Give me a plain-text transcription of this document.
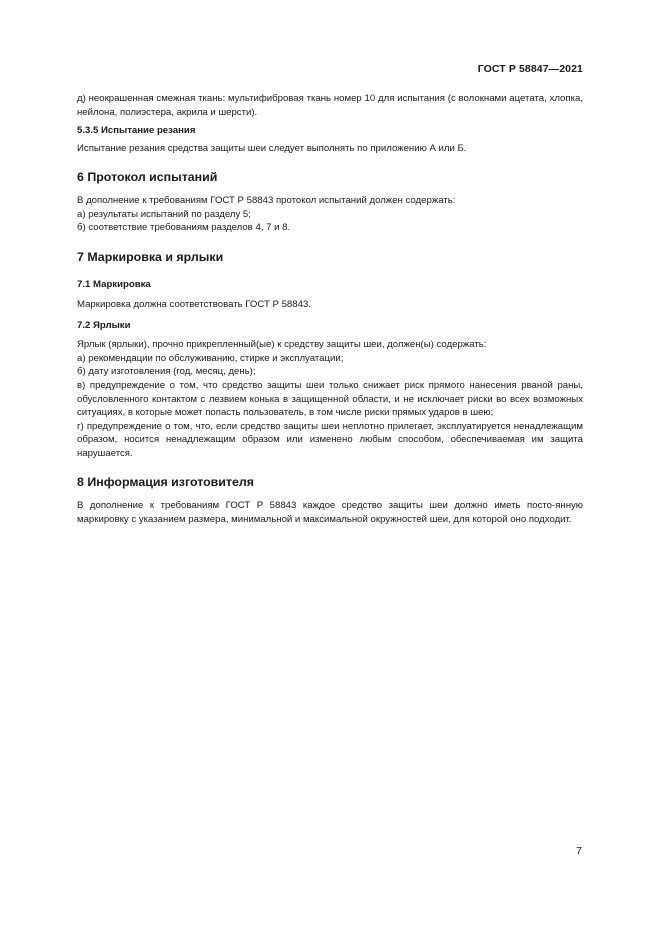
ГОСТ Р 58847—2021

д) неокрашенная смежная ткань: мультифибровая ткань номер 10 для испытания (с волокнами ацетата, хлопка, нейлона, полиэстера, акрила и шерсти).

5.3.5 Испытание резания

Испытание резания средства защиты шеи следует выполнять по приложению А или Б.

6 Протокол испытаний

В дополнение к требованиям ГОСТ Р 58843 протокол испытаний должен содержать:

а) результаты испытаний по разделу 5;

б) соответствие требованиям разделов 4, 7 и 8.

7 Маркировка и ярлыки
7.1 Маркировка

Маркировка должна соответствовать ГОСТ Р 58843.

7.2 Ярлыки

Ярлык (ярлыки), прочно прикрепленный(ые) к средству защиты шеи, должен(ы) содержать:

а) рекомендации по обслуживанию, стирке и эксплуатации;

б) дату изготовления (год, месяц, день);

в) предупреждение о том, что средство защиты шеи только снижает риск прямого нанесения рваной раны, обусловленного контактом с лезвием конька в защищенной области, и не исключает риски во всех возможных ситуациях, в которые может попасть пользователь, в том числе риски прямых ударов в шею;

г) предупреждение о том, что, если средство защиты шеи неплотно прилегает, эксплуатируется ненадлежащим образом, носится ненадлежащим образом или изменено любым способом, обеспечиваемая им защита нарушается.

8 Информация изготовителя

В дополнение к требованиям ГОСТ Р 58843 каждое средство защиты шеи должно иметь посто-янную маркировку с указанием размера, минимальной и максимальной окружностей шеи, для которой оно подходит.

7
